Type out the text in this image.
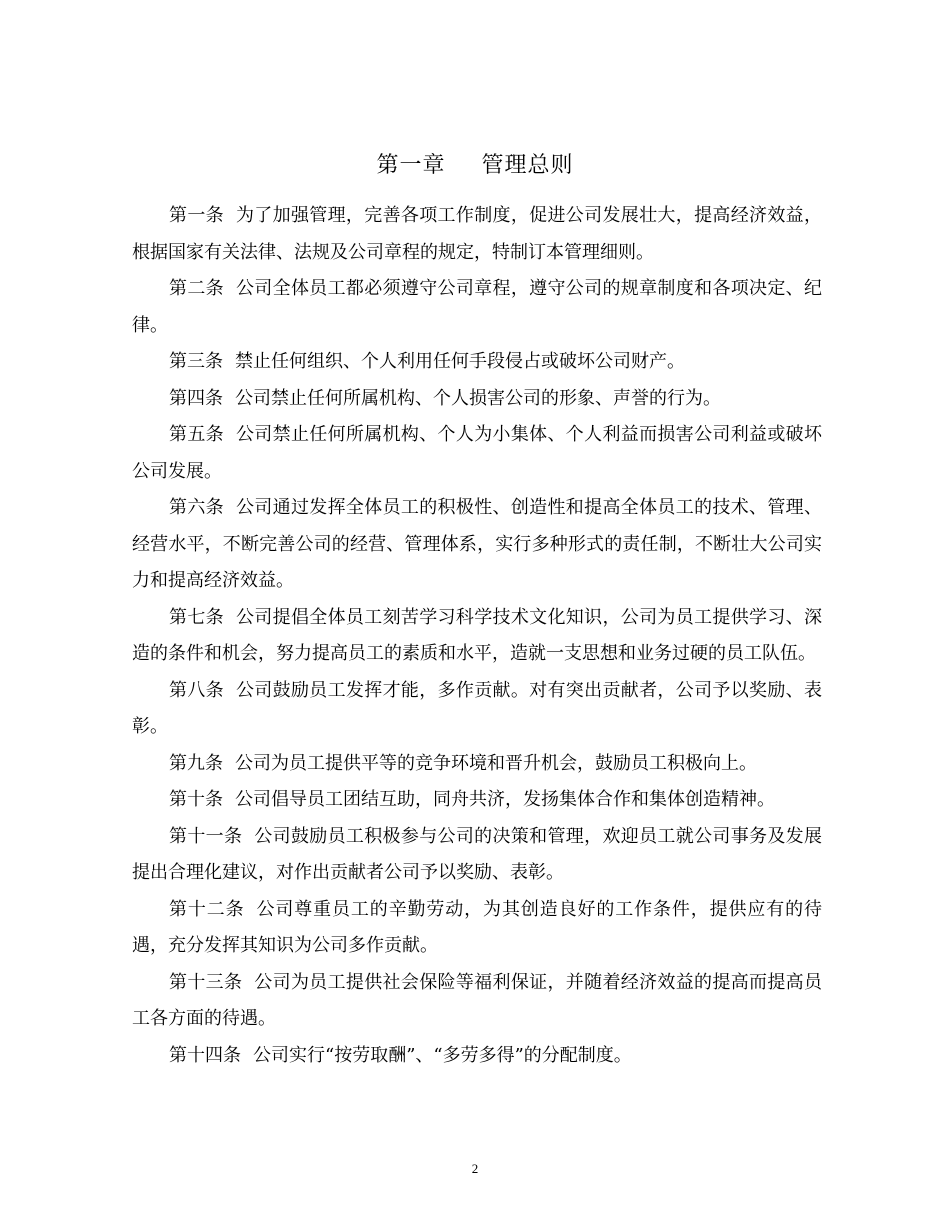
第一章 管理总则

第一条 为了加强管理，完善各项工作制度，促进公司发展壮大，提高经济效益，根据国家有关法律、法规及公司章程的规定，特制订本管理细则。

第二条 公司全体员工都必须遵守公司章程，遵守公司的规章制度和各项决定、纪律。

第三条 禁止任何组织、个人利用任何手段侵占或破坏公司财产。

第四条 公司禁止任何所属机构、个人损害公司的形象、声誉的行为。

第五条 公司禁止任何所属机构、个人为小集体、个人利益而损害公司利益或破坏公司发展。

第六条 公司通过发挥全体员工的积极性、创造性和提高全体员工的技术、管理、经营水平，不断完善公司的经营、管理体系，实行多种形式的责任制，不断壮大公司实力和提高经济效益。

第七条 公司提倡全体员工刻苦学习科学技术文化知识，公司为员工提供学习、深造的条件和机会，努力提高员工的素质和水平，造就一支思想和业务过硬的员工队伍。

第八条 公司鼓励员工发挥才能，多作贡献。对有突出贡献者，公司予以奖励、表彰。

第九条 公司为员工提供平等的竞争环境和晋升机会，鼓励员工积极向上。

第十条 公司倡导员工团结互助，同舟共济，发扬集体合作和集体创造精神。

第十一条 公司鼓励员工积极参与公司的决策和管理，欢迎员工就公司事务及发展提出合理化建议，对作出贡献者公司予以奖励、表彰。

第十二条 公司尊重员工的辛勤劳动，为其创造良好的工作条件，提供应有的待遇，充分发挥其知识为公司多作贡献。

第十三条 公司为员工提供社会保险等福利保证，并随着经济效益的提高而提高员工各方面的待遇。

第十四条 公司实行“按劳取酬”、“多劳多得”的分配制度。

2
